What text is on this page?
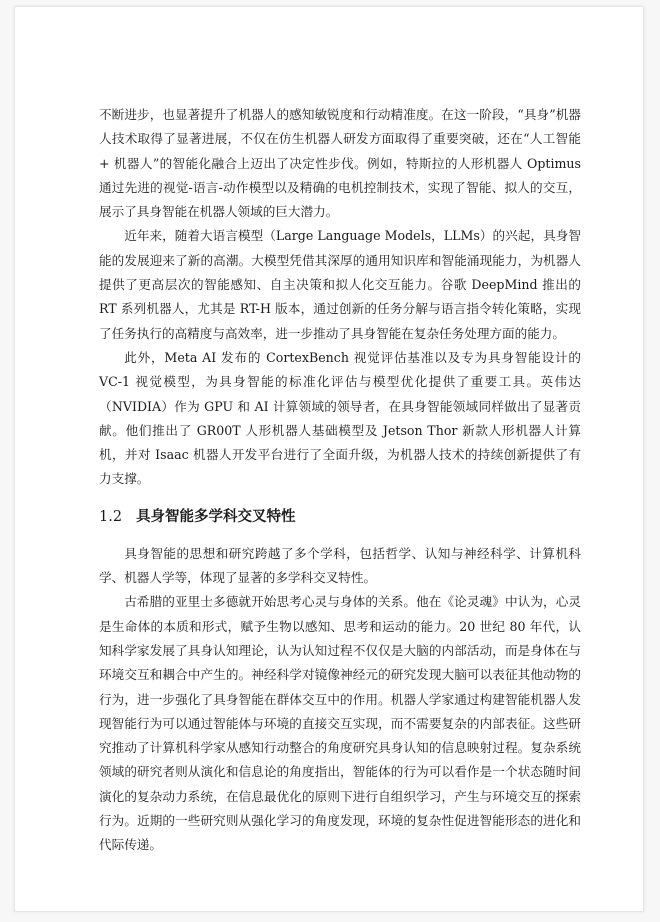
不断进步，也显著提升了机器人的感知敏锐度和行动精准度。在这一阶段，“具身”机器人技术取得了显著进展，不仅在仿生机器人研发方面取得了重要突破，还在“人工智能 + 机器人”的智能化融合上迈出了决定性步伐。例如，特斯拉的人形机器人 Optimus 通过先进的视觉-语言-动作模型以及精确的电机控制技术，实现了智能、拟人的交互，展示了具身智能在机器人领域的巨大潜力。

近年来，随着大语言模型（Large Language Models，LLMs）的兴起，具身智能的发展迎来了新的高潮。大模型凭借其深厚的通用知识库和智能涌现能力，为机器人提供了更高层次的智能感知、自主决策和拟人化交互能力。谷歌 DeepMind 推出的 RT 系列机器人，尤其是 RT-H 版本，通过创新的任务分解与语言指令转化策略，实现了任务执行的高精度与高效率，进一步推动了具身智能在复杂任务处理方面的能力。

此外，Meta AI 发布的 CortexBench 视觉评估基准以及专为具身智能设计的 VC-1 视觉模型，为具身智能的标准化评估与模型优化提供了重要工具。英伟达（NVIDIA）作为 GPU 和 AI 计算领域的领导者，在具身智能领域同样做出了显著贡献。他们推出了 GR00T 人形机器人基础模型及 Jetson Thor 新款人形机器人计算机，并对 Isaac 机器人开发平台进行了全面升级，为机器人技术的持续创新提供了有力支撑。

1.2 具身智能多学科交叉特性

具身智能的思想和研究跨越了多个学科，包括哲学、认知与神经科学、计算机科学、机器人学等，体现了显著的多学科交叉特性。

古希腊的亚里士多德就开始思考心灵与身体的关系。他在《论灵魂》中认为，心灵是生命体的本质和形式，赋予生物以感知、思考和运动的能力。20 世纪 80 年代，认知科学家发展了具身认知理论，认为认知过程不仅仅是大脑的内部活动，而是身体在与环境交互和耦合中产生的。神经科学对镜像神经元的研究发现大脑可以表征其他动物的行为，进一步强化了具身智能在群体交互中的作用。机器人学家通过构建智能机器人发现智能行为可以通过智能体与环境的直接交互实现，而不需要复杂的内部表征。这些研究推动了计算机科学家从感知行动整合的角度研究具身认知的信息映射过程。复杂系统领域的研究者则从演化和信息论的角度指出，智能体的行为可以看作是一个状态随时间演化的复杂动力系统，在信息最优化的原则下进行自组织学习，产生与环境交互的探索行为。近期的一些研究则从强化学习的角度发现，环境的复杂性促进智能形态的进化和代际传递。
